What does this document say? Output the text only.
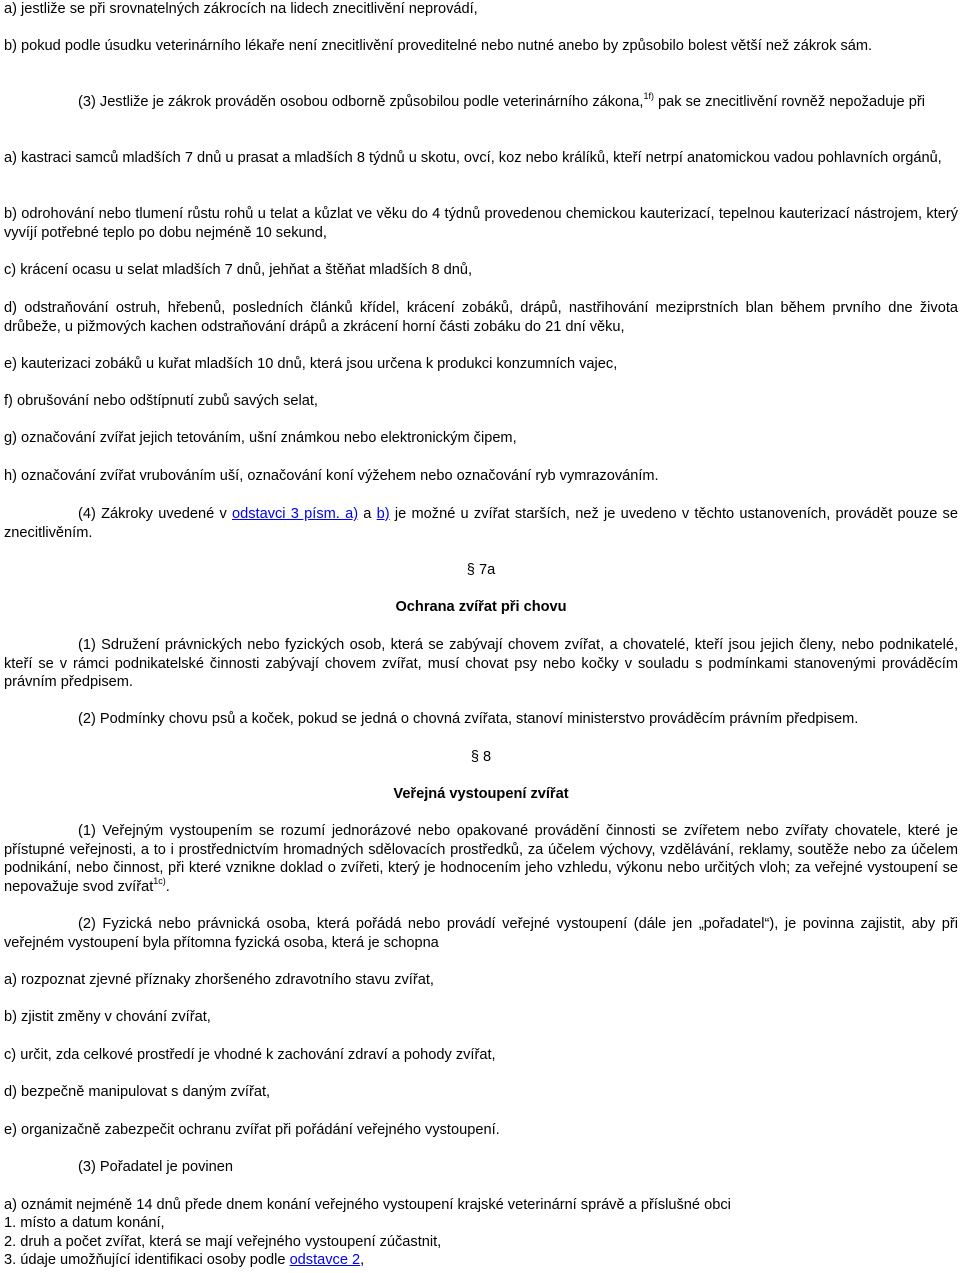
a) jestliže se při srovnatelných zákrocích na lidech znecitlivění neprovádí,

b) pokud podle úsudku veterinárního lékaře není znecitlivění proveditelné nebo nutné anebo by způsobilo bolest větší než zákrok sám.

(3) Jestliže je zákrok prováděn osobou odborně způsobilou podle veterinárního zákona,$^{1f)}$ pak se znecitlivění rovněž nepožaduje při

a) kastraci samců mladších 7 dnů u prasat a mladších 8 týdnů u skotu, ovcí, koz nebo králíků, kteří netrpí anatomickou vadou pohlavních orgánů,

b) odrohování nebo tlumení růstu rohů u telat a kůzlat ve věku do 4 týdnů provedenou chemickou kauterizací, tepelnou kauterizací nástrojem, který vyvíjí potřebné teplo po dobu nejméně 10 sekund,

c) krácení ocasu u selat mladších 7 dnů, jehňat a štěňat mladších 8 dnů,

d) odstraňování ostruh, hřebenů, posledních článků křídel, krácení zobáků, drápů, nastřihování meziprstních blan během prvního dne života drůbeže, u pižmových kachen odstraňování drápů a zkrácení horní části zobáku do 21 dní věku,

e) kauterizaci zobáků u kuřat mladších 10 dnů, která jsou určena k produkci konzumních vajec,

f) obrušování nebo odštípnutí zubů savých selat,

g) označování zvířat jejich tetováním, ušní známkou nebo elektronickým čipem,

h) označování zvířat vrubováním uší, označování koní výžehem nebo označování ryb vymrazováním.

(4) Zákroky uvedené v odstavci 3 písm. a) a b) je možné u zvířat starších, než je uvedeno v těchto ustanoveních, provádět pouze se znecitlivěním.

§ 7a

Ochrana zvířat při chovu

(1) Sdružení právnických nebo fyzických osob, která se zabývají chovem zvířat, a chovatelé, kteří jsou jejich členy, nebo podnikatelé, kteří se v rámci podnikatelské činnosti zabývají chovem zvířat, musí chovat psy nebo kočky v souladu s podmínkami stanovenými prováděcím právním předpisem.

(2) Podmínky chovu psů a koček, pokud se jedná o chovná zvířata, stanoví ministerstvo prováděcím právním předpisem.

§ 8

Veřejná vystoupení zvířat

(1) Veřejným vystoupením se rozumí jednorázové nebo opakované provádění činnosti se zvířetem nebo zvířaty chovatele, které je přístupné veřejnosti, a to i prostřednictvím hromadných sdělovacích prostředků, za účelem výchovy, vzdělávání, reklamy, soutěže nebo za účelem podnikání, nebo činnost, při které vznikne doklad o zvířeti, který je hodnocením jeho vzhledu, výkonu nebo určitých vloh; za veřejné vystoupení se nepovažuje svod zvířat$^{1c)}$.

(2) Fyzická nebo právnická osoba, která pořádá nebo provádí veřejné vystoupení (dále jen „pořadatel“), je povinna zajistit, aby při veřejném vystoupení byla přítomna fyzická osoba, která je schopna

a) rozpoznat zjevné příznaky zhoršeného zdravotního stavu zvířat,

b) zjistit změny v chování zvířat,

c) určit, zda celkové prostředí je vhodné k zachování zdraví a pohody zvířat,

d) bezpečně manipulovat s daným zvířat,

e) organizačně zabezpečit ochranu zvířat při pořádání veřejného vystoupení.

(3) Pořadatel je povinen

a) oznámit nejméně 14 dnů přede dnem konání veřejného vystoupení krajské veterinární správě a příslušné obci

1. místo a datum konání,

2. druh a počet zvířat, která se mají veřejného vystoupení zúčastnit,

3. údaje umožňující identifikaci osoby podle odstavce 2,
